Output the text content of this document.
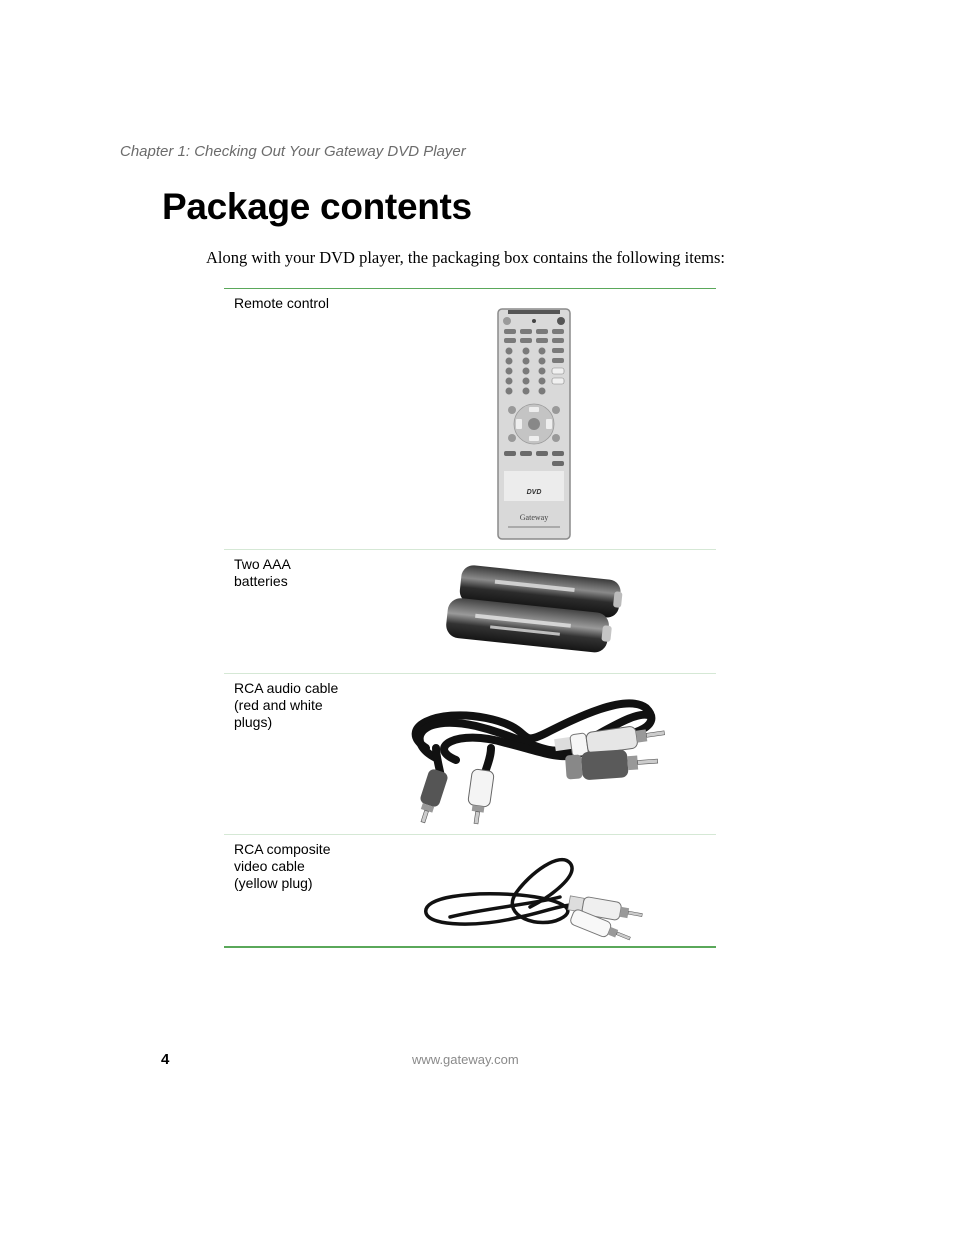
Chapter 1: Checking Out Your Gateway DVD Player
Package contents
Along with your DVD player, the packaging box contains the following items:
Remote control
DVD
Gateway
Two AAA
batteries
RCA audio cable
(red and white
plugs)
RCA composite
video cable
(yellow plug)
4	www.gateway.com
